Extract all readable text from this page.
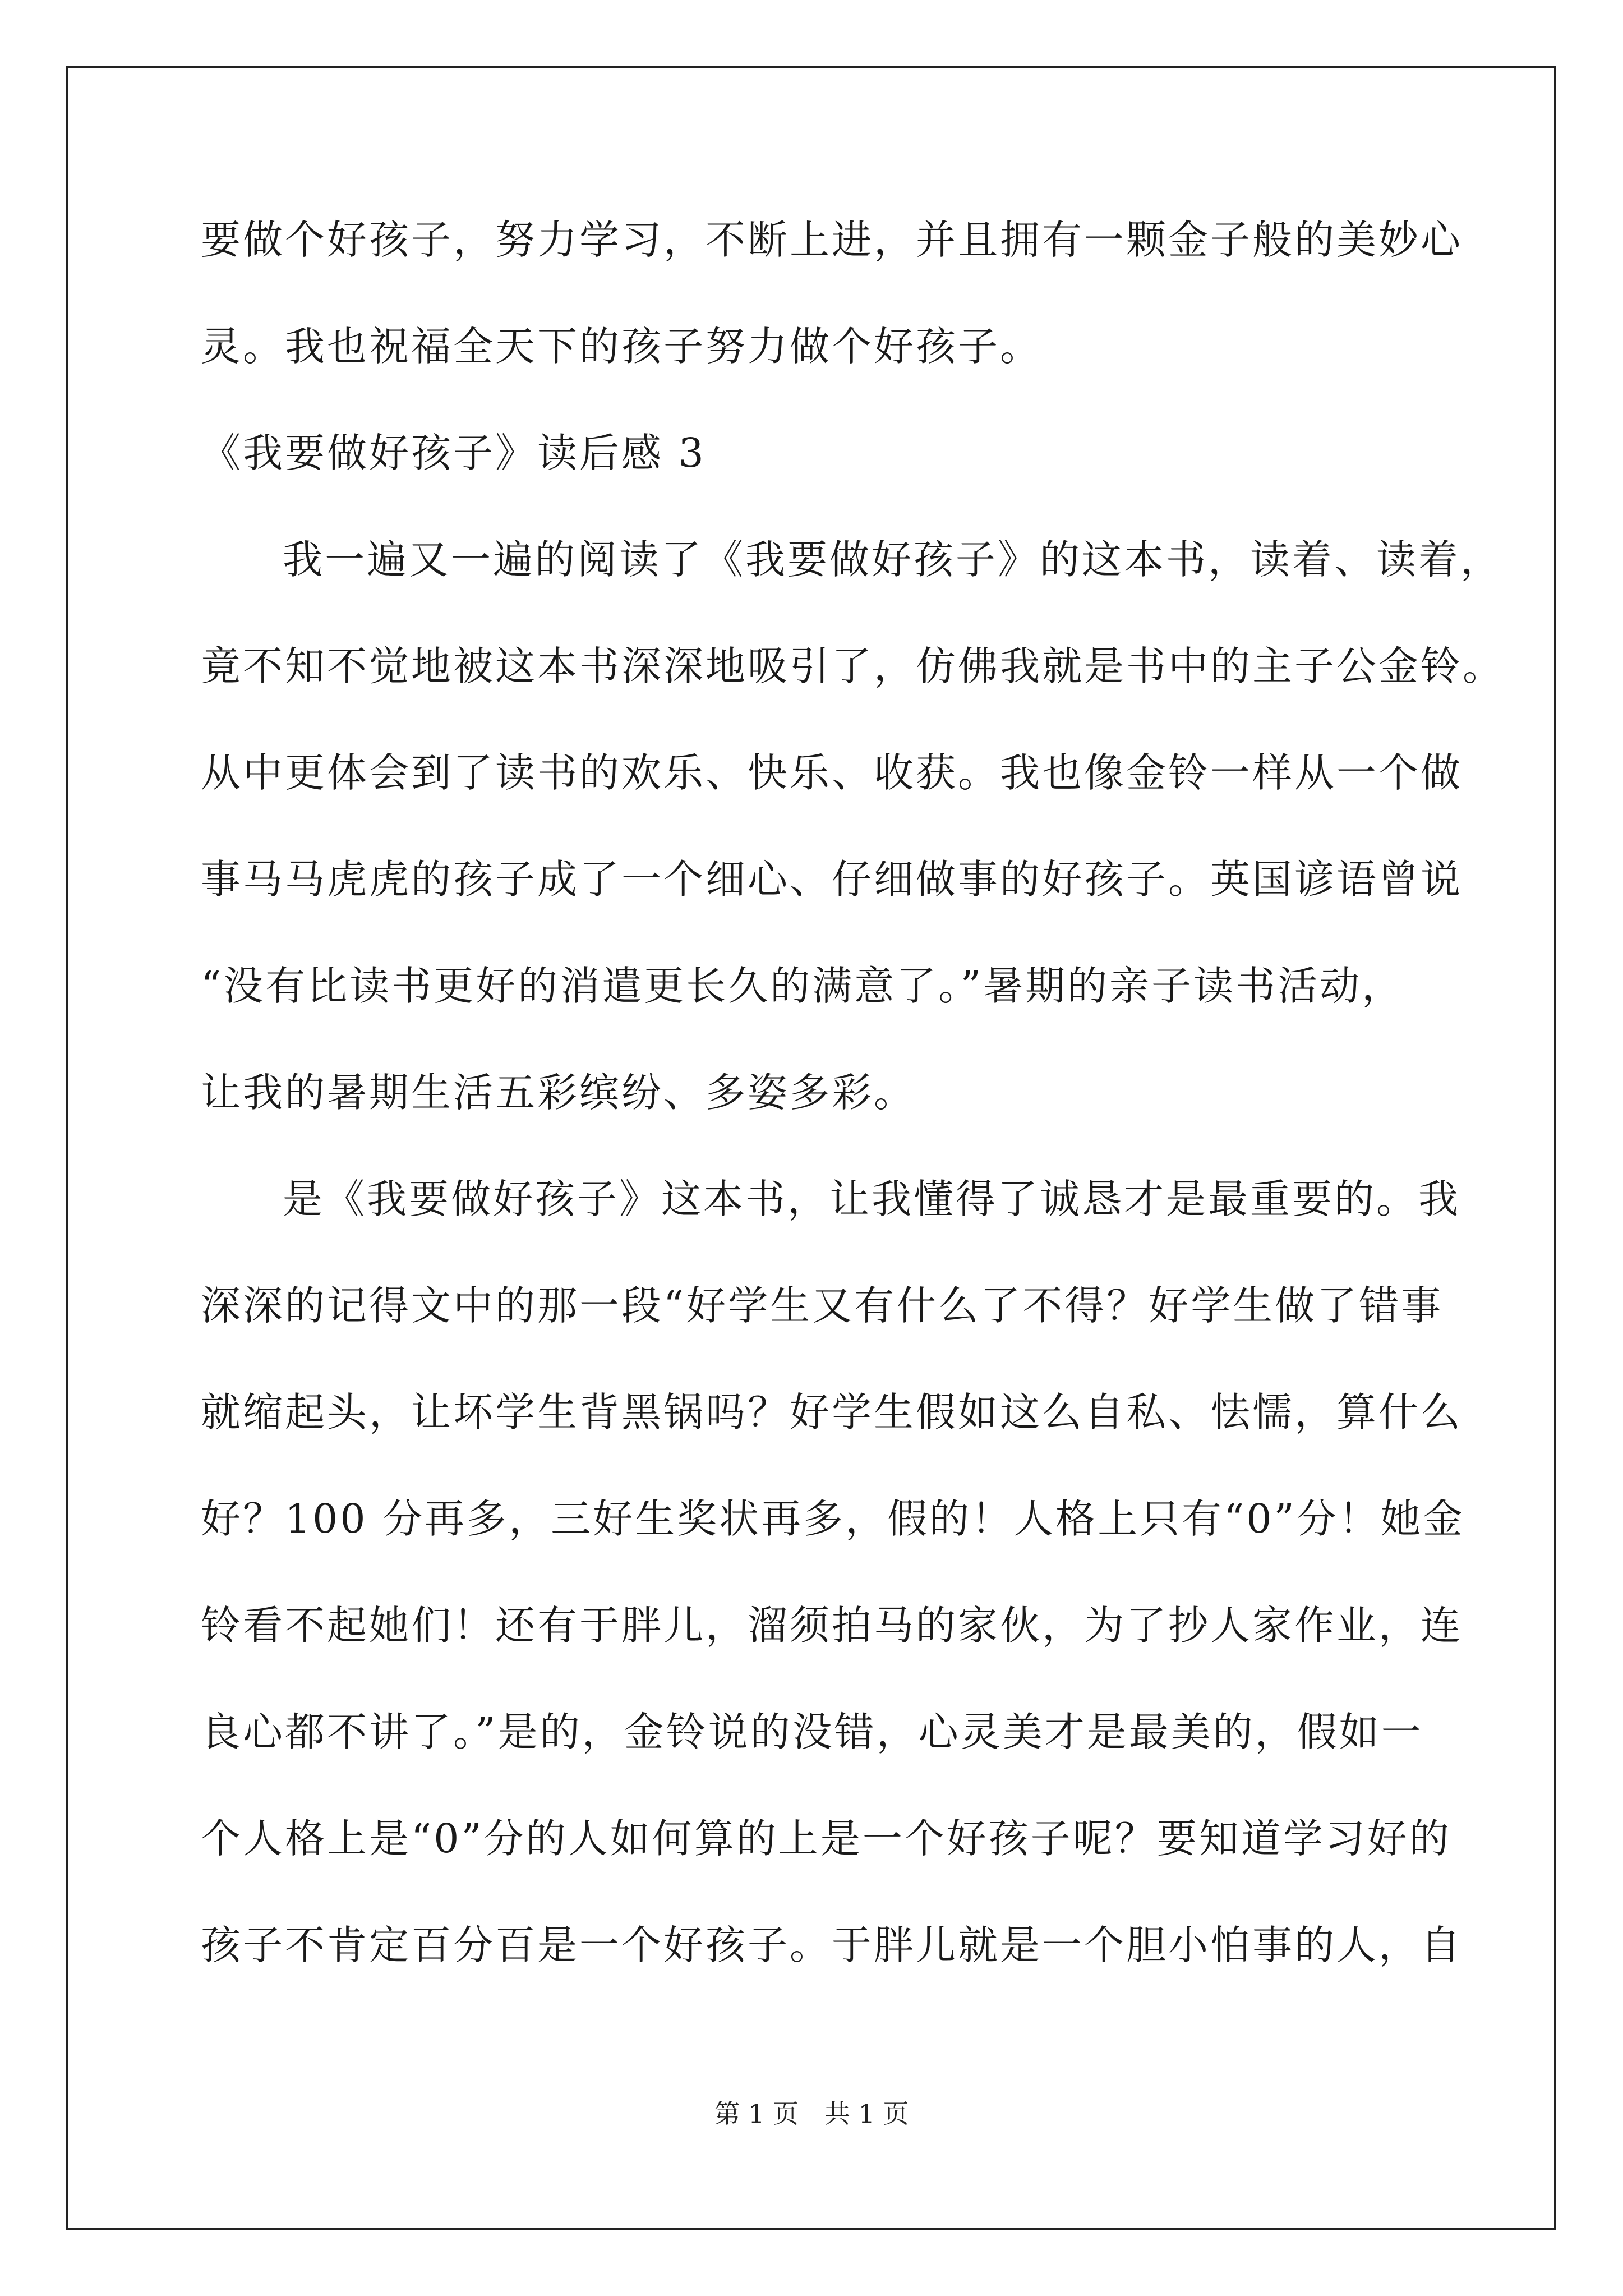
要做个好孩子，努力学习，不断上进，并且拥有一颗金子般的美妙心
灵。我也祝福全天下的孩子努力做个好孩子。
《我要做好孩子》读后感 3
我一遍又一遍的阅读了《我要做好孩子》的这本书，读着、读着，
竟不知不觉地被这本书深深地吸引了，仿佛我就是书中的主子公金铃。
从中更体会到了读书的欢乐、快乐、收获。我也像金铃一样从一个做
事马马虎虎的孩子成了一个细心、仔细做事的好孩子。英国谚语曾说
“没有比读书更好的消遣更长久的满意了。”暑期的亲子读书活动，
让我的暑期生活五彩缤纷、多姿多彩。
是《我要做好孩子》这本书，让我懂得了诚恳才是最重要的。我
深深的记得文中的那一段“好学生又有什么了不得？好学生做了错事
就缩起头，让坏学生背黑锅吗？好学生假如这么自私、怯懦，算什么
好？100 分再多，三好生奖状再多，假的！人格上只有“0”分！她金
铃看不起她们！还有于胖儿，溜须拍马的家伙，为了抄人家作业，连
良心都不讲了。”是的，金铃说的没错，心灵美才是最美的，假如一
个人格上是“0”分的人如何算的上是一个好孩子呢？要知道学习好的
孩子不肯定百分百是一个好孩子。于胖儿就是一个胆小怕事的人，自
第 1 页　共 1 页
